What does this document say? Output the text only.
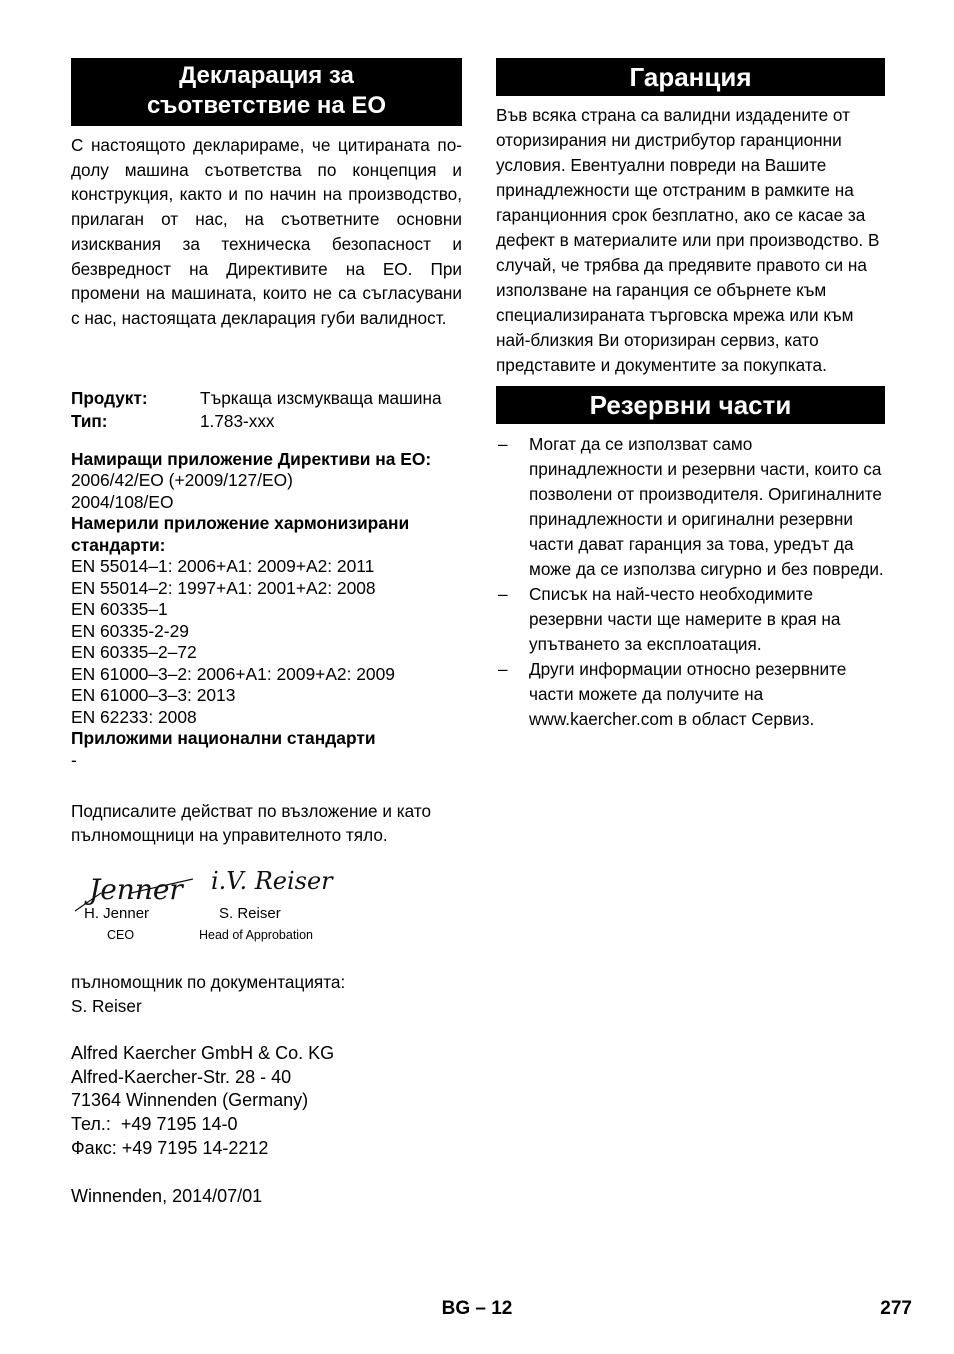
Декларация за
съответствие на ЕО

С настоящото декларираме, че цитираната по-долу машина съответства по концепция и конструкция, както и по начин на производство, прилаган от нас, на съответните основни изисквания за техническа безопасност и безвредност на Директивите на ЕО. При промени на машината, които не са съгласувани с нас, настоящата декларация губи валидност.

Продукт:	Търкаща изсмукваща машина
Тип:	1.783-xxx
Намиращи приложение Директиви на ЕО:
2006/42/ЕО (+2009/127/ЕО)
2004/108/ЕО
Намерили приложение хармонизирани стандарти:
EN 55014–1: 2006+A1: 2009+A2: 2011
EN 55014–2: 1997+A1: 2001+A2: 2008
EN 60335–1
EN 60335-2-29
EN 60335–2–72
EN 61000–3–2: 2006+A1: 2009+A2: 2009
EN 61000–3–3: 2013
EN 62233: 2008
Приложими национални стандарти
-

Подписалите действат по възложение и като пълномощници на управителното тяло.

Jenner i.V. Reiser
H. Jenner
CEO
S. Reiser
Head of Approbation
пълномощник по документацията:
S. Reiser
Alfred Kaercher GmbH & Co. KG
Alfred-Kaercher-Str. 28 - 40
71364 Winnenden (Germany)
Тел.:  +49 7195 14-0
Факс: +49 7195 14-2212
Winnenden, 2014/07/01
Гаранция

Във всяка страна са валидни издадените от оторизирания ни дистрибутор гаранционни условия. Евентуални повреди на Вашите принадлежности ще отстраним в рамките на гаранционния срок безплатно, ако се касае за дефект в материалите или при производство. В случай, че трябва да предявите правото си на използване на гаранция се обърнете към специализираната търговска мрежа или към най-близкия Ви оторизиран сервиз, като представите и документите за покупката.

Резервни части
– Могат да се използват само принадлежности и резервни части, които са позволени от производителя. Оригиналните принадлежности и оригинални резервни части дават гаранция за това, уредът да може да се използва сигурно и без повреди.
– Списък на най-често необходимите резервни части ще намерите в края на упътването за експлоатация.
– Други информации относно резервните части можете да получите на www.kaercher.com в област Сервиз.
BG – 12	277
